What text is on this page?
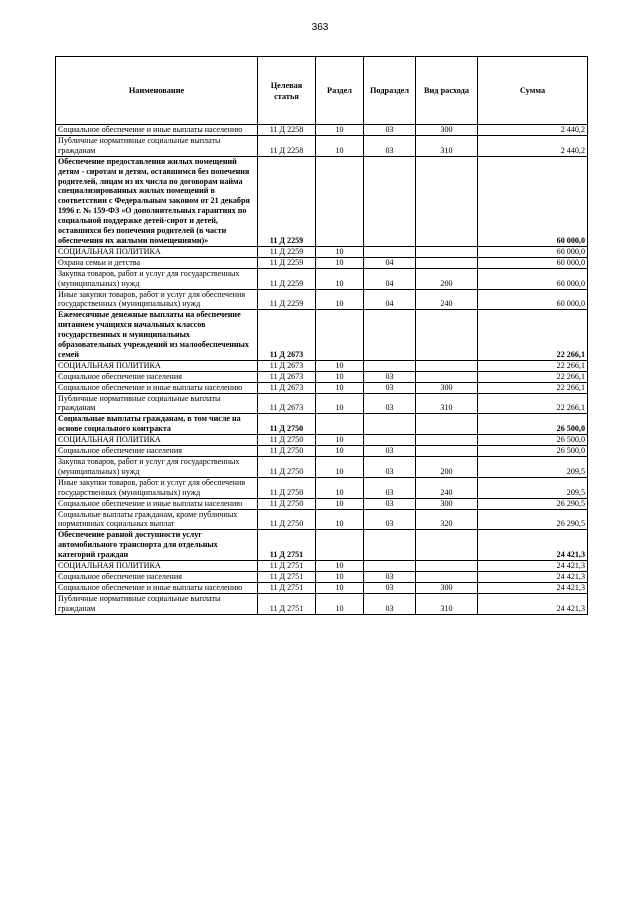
363
Наименование	Целевая статья	Раздел	Подраздел	Вид расхода	Сумма
Социальное обеспечение и иные выплаты населению	11 Д 2258	10	03	300	2 440,2
Публичные нормативные социальные выплаты гражданам	11 Д 2258	10	03	310	2 440,2
Обеспечение предоставления жилых помещений детям - сиротам и детям, оставшимся без попечения родителей, лицам из их числа по договорам найма специализированных жилых помещений в соответствии с Федеральным законом от 21 декабря 1996 г. № 159-ФЗ «О дополнительных гарантиях по социальной поддержке детей-сирот и детей, оставшихся без попечения родителей (в части обеспечения их жилыми помещениями)»	11 Д 2259				60 000,0
СОЦИАЛЬНАЯ ПОЛИТИКА	11 Д 2259	10			60 000,0
Охрана семьи и детства	11 Д 2259	10	04		60 000,0
Закупка товаров, работ и услуг для государственных (муниципальных) нужд	11 Д 2259	10	04	200	60 000,0
Иные закупки товаров, работ и услуг для обеспечения государственных (муниципальных) нужд	11 Д 2259	10	04	240	60 000,0
Ежемесячные денежные выплаты на обеспечение питанием учащихся начальных классов государственных и муниципальных образовательных учреждений из малообеспеченных семей	11 Д 2673				22 266,1
СОЦИАЛЬНАЯ ПОЛИТИКА	11 Д 2673	10			22 266,1
Социальное обеспечение населения	11 Д 2673	10	03		22 266,1
Социальное обеспечение и иные выплаты населению	11 Д 2673	10	03	300	22 266,1
Публичные нормативные социальные выплаты гражданам	11 Д 2673	10	03	310	22 266,1
Социальные выплаты гражданам, в том числе на основе социального контракта	11 Д 2750				26 500,0
СОЦИАЛЬНАЯ ПОЛИТИКА	11 Д 2750	10			26 500,0
Социальное обеспечение населения	11 Д 2750	10	03		26 500,0
Закупка товаров, работ и услуг для государственных (муниципальных) нужд	11 Д 2750	10	03	200	209,5
Иные закупки товаров, работ и услуг для обеспечения государственных (муниципальных) нужд	11 Д 2750	10	03	240	209,5
Социальное обеспечение и иные выплаты населению	11 Д 2750	10	03	300	26 290,5
Социальные выплаты гражданам, кроме публичных нормативных социальных выплат	11 Д 2750	10	03	320	26 290,5
Обеспечение равной доступности услуг автомобильного транспорта для отдельных категорий граждан	11 Д 2751				24 421,3
СОЦИАЛЬНАЯ ПОЛИТИКА	11 Д 2751	10			24 421,3
Социальное обеспечение населения	11 Д 2751	10	03		24 421,3
Социальное обеспечение и иные выплаты населению	11 Д 2751	10	03	300	24 421,3
Публичные нормативные социальные выплаты гражданам	11 Д 2751	10	03	310	24 421,3
